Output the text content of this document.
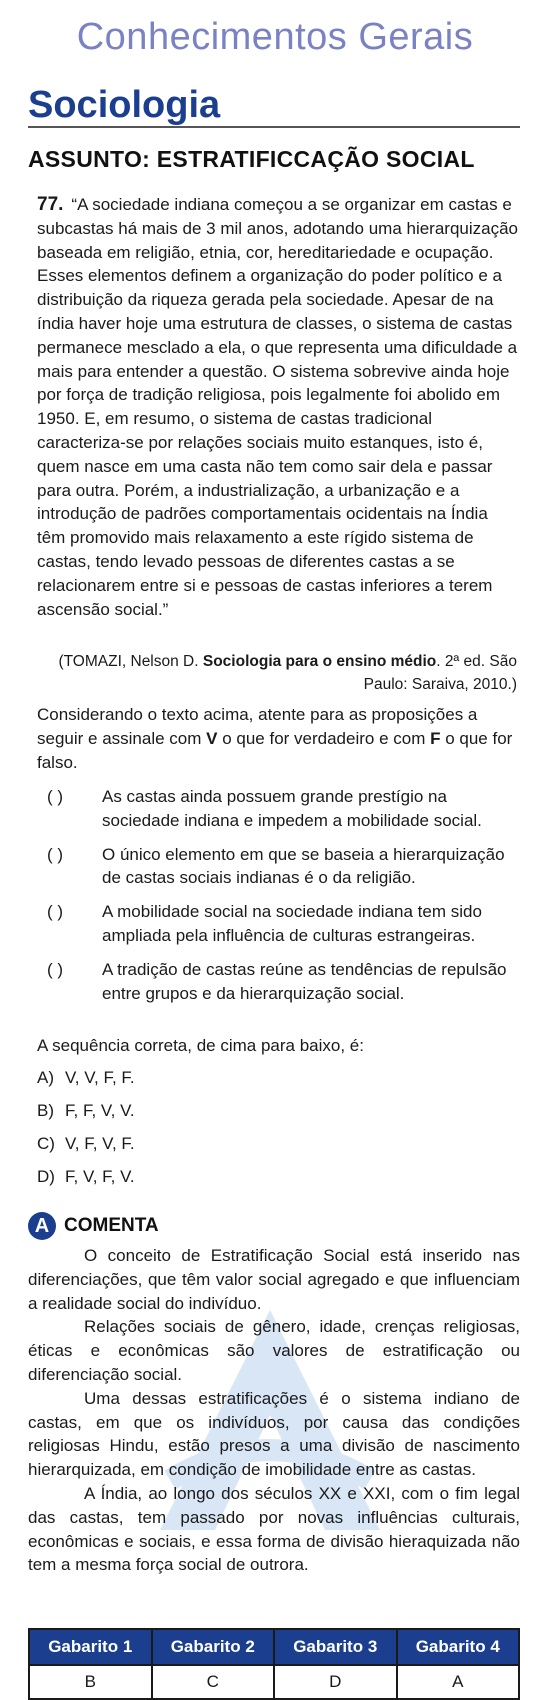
Conhecimentos Gerais
Sociologia
ASSUNTO: ESTRATIFICCAÇÃO SOCIAL
77. “A sociedade indiana começou a se organizar em castas e subcastas há mais de 3 mil anos, adotando uma hierarquização baseada em religião, etnia, cor, hereditariedade e ocupação. Esses elementos definem a organização do poder político e a distribuição da riqueza gerada pela sociedade. Apesar de na índia haver hoje uma estrutura de classes, o sistema de castas permanece mesclado a ela, o que representa uma dificuldade a mais para entender a questão. O sistema sobrevive ainda hoje por força de tradição religiosa, pois legalmente foi abolido em 1950. E, em resumo, o sistema de castas tradicional caracteriza-se por relações sociais muito estanques, isto é, quem nasce em uma casta não tem como sair dela e passar para outra. Porém, a industrialização, a urbanização e a introdução de padrões comportamentais ocidentais na Índia têm promovido mais relaxamento a este rígido sistema de castas, tendo levado pessoas de diferentes castas a se relacionarem entre si e pessoas de castas inferiores a terem ascensão social.”
(TOMAZI, Nelson D. Sociologia para o ensino médio. 2ª ed. São Paulo: Saraiva, 2010.)
Considerando o texto acima, atente para as proposições a seguir e assinale com V o que for verdadeiro e com F o que for falso.
( ) As castas ainda possuem grande prestígio na sociedade indiana e impedem a mobilidade social.
( ) O único elemento em que se baseia a hierarquização de castas sociais indianas é o da religião.
( ) A mobilidade social na sociedade indiana tem sido ampliada pela influência de culturas estrangeiras.
( ) A tradição de castas reúne as tendências de repulsão entre grupos e da hierarquização social.
A sequência correta, de cima para baixo, é:
A) V, V, F, F.
B) F, F, V, V.
C) V, F, V, F.
D) F, V, F, V.
A COMENTA

O conceito de Estratificação Social está inserido nas diferenciações, que têm valor social agregado e que influenciam a realidade social do indivíduo.

Relações sociais de gênero, idade, crenças religiosas, éticas e econômicas são valores de estratificação ou diferenciação social.

Uma dessas estratificações é o sistema indiano de castas, em que os indivíduos, por causa das condições religiosas Hindu, estão presos a uma divisão de nascimento hierarquizada, em condição de imobilidade entre as castas.

A Índia, ao longo dos séculos XX e XXI, com o fim legal das castas, tem passado por novas influências culturais, econômicas e sociais, e essa forma de divisão hieraquizada não tem a mesma força social de outrora.

Gabarito 1	Gabarito 2	Gabarito 3	Gabarito 4
B	C	D	A
